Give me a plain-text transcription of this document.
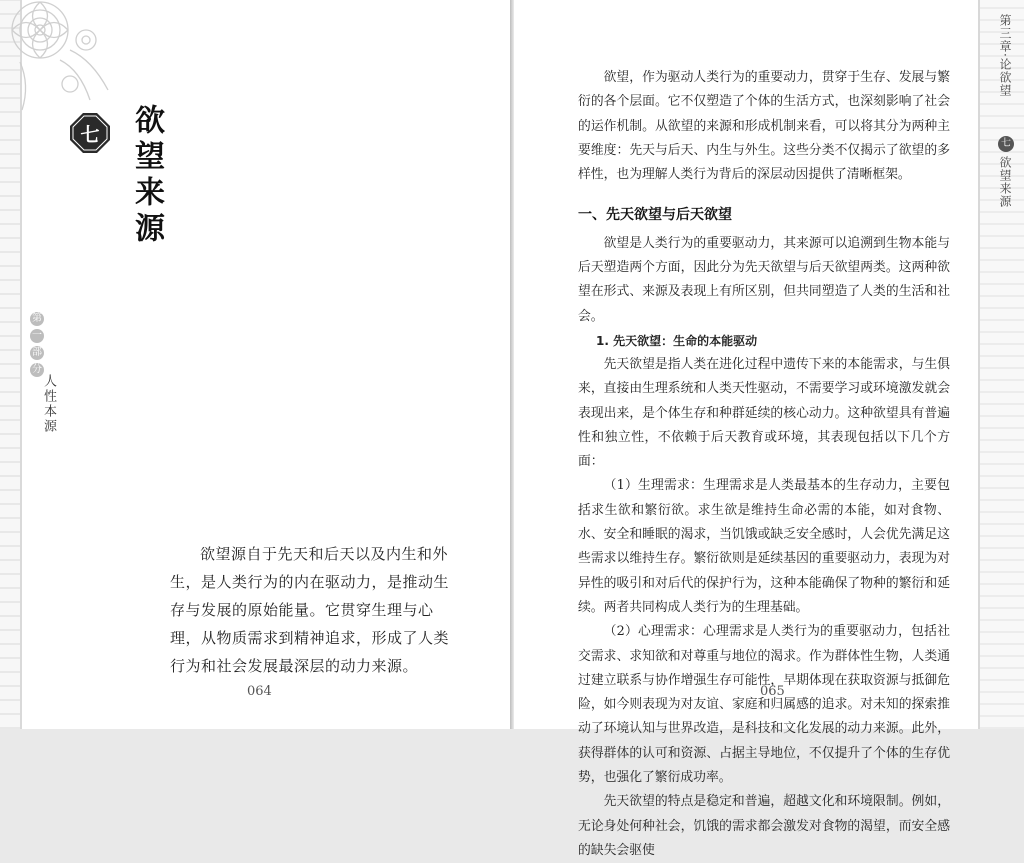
七 欲望来源
第
一
部
分
人性本源
欲望源自于先天和后天以及内生和外生，是人类行为的内在驱动力，是推动生存与发展的原始能量。它贯穿生理与心理，从物质需求到精神追求，形成了人类行为和社会发展最深层的动力来源。
064
第三章·论欲望
七
欲望来源

欲望，作为驱动人类行为的重要动力，贯穿于生存、发展与繁衍的各个层面。它不仅塑造了个体的生活方式，也深刻影响了社会的运作机制。从欲望的来源和形成机制来看，可以将其分为两种主要维度：先天与后天、内生与外生。这些分类不仅揭示了欲望的多样性，也为理解人类行为背后的深层动因提供了清晰框架。

一、先天欲望与后天欲望

欲望是人类行为的重要驱动力，其来源可以追溯到生物本能与后天塑造两个方面，因此分为先天欲望与后天欲望两类。这两种欲望在形式、来源及表现上有所区别，但共同塑造了人类的生活和社会。

1. 先天欲望：生命的本能驱动

先天欲望是指人类在进化过程中遗传下来的本能需求，与生俱来，直接由生理系统和人类天性驱动，不需要学习或环境激发就会表现出来，是个体生存和种群延续的核心动力。这种欲望具有普遍性和独立性，不依赖于后天教育或环境，其表现包括以下几个方面：

（1）生理需求：生理需求是人类最基本的生存动力，主要包括求生欲和繁衍欲。求生欲是维持生命必需的本能，如对食物、水、安全和睡眠的渴求，当饥饿或缺乏安全感时，人会优先满足这些需求以维持生存。繁衍欲则是延续基因的重要驱动力，表现为对异性的吸引和对后代的保护行为，这种本能确保了物种的繁衍和延续。两者共同构成人类行为的生理基础。

（2）心理需求：心理需求是人类行为的重要驱动力，包括社交需求、求知欲和对尊重与地位的渴求。作为群体性生物，人类通过建立联系与协作增强生存可能性，早期体现在获取资源与抵御危险，如今则表现为对友谊、家庭和归属感的追求。对未知的探索推动了环境认知与世界改造，是科技和文化发展的动力来源。此外，获得群体的认可和资源、占据主导地位，不仅提升了个体的生存优势，也强化了繁衍成功率。

先天欲望的特点是稳定和普遍，超越文化和环境限制。例如，无论身处何种社会，饥饿的需求都会激发对食物的渴望，而安全感的缺失会驱使

065
